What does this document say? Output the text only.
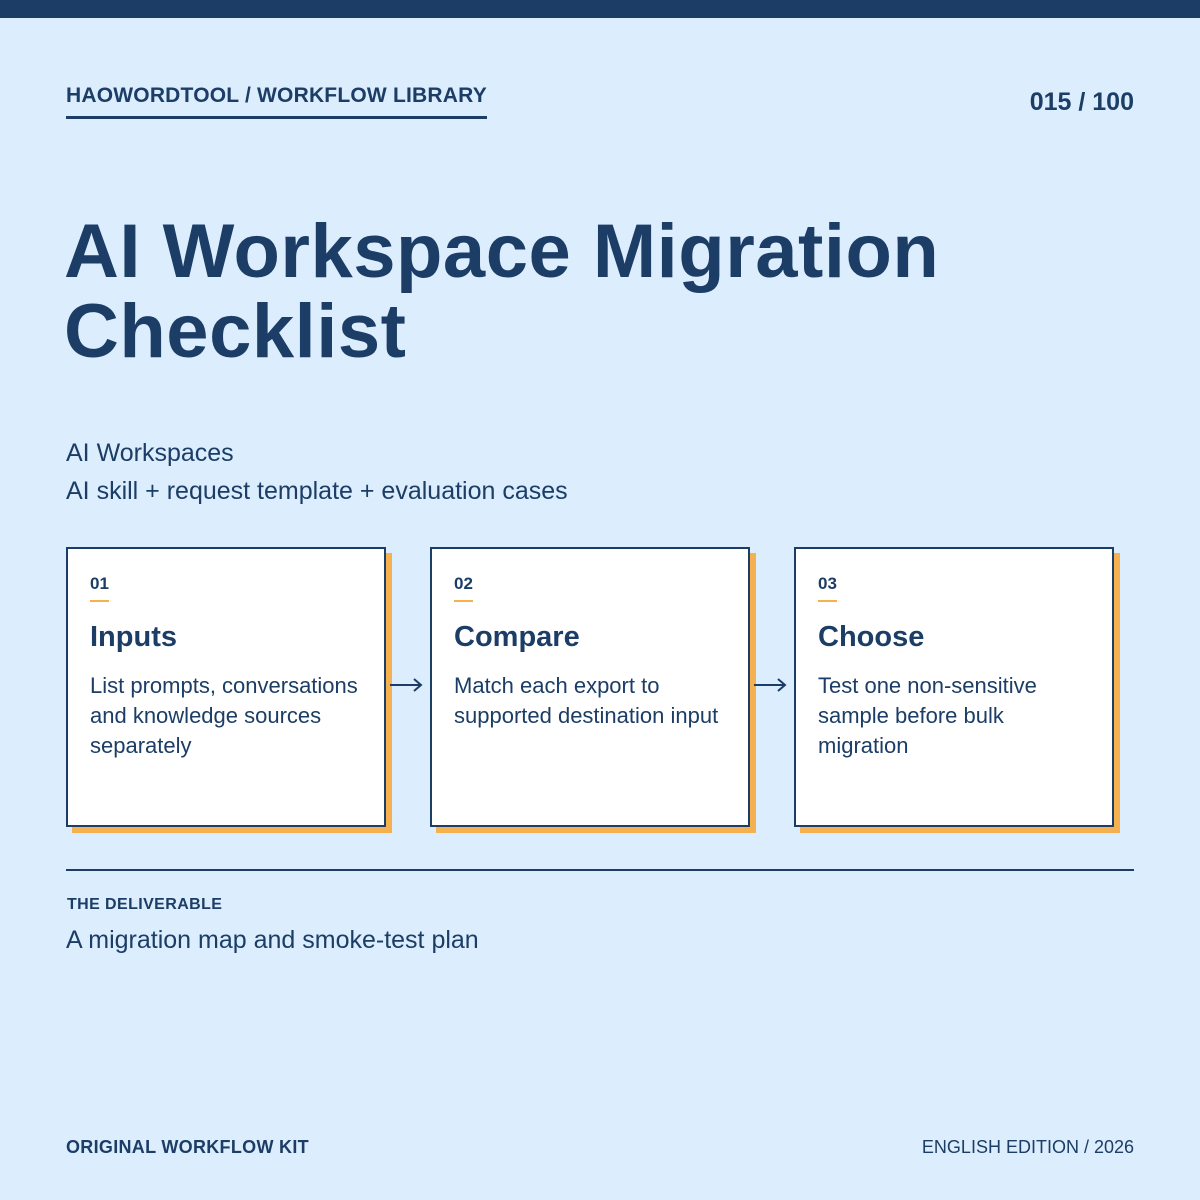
HAOWORDTOOL / WORKFLOW LIBRARY	015 / 100
AI Workspace Migration
Checklist
AI Workspaces
AI skill + request template + evaluation cases
01
Inputs
List prompts, conversations and knowledge sources separately
02
Compare
Match each export to supported destination input
03
Choose
Test one non-sensitive sample before bulk migration
THE DELIVERABLE
A migration map and smoke-test plan
ORIGINAL WORKFLOW KIT	ENGLISH EDITION / 2026
